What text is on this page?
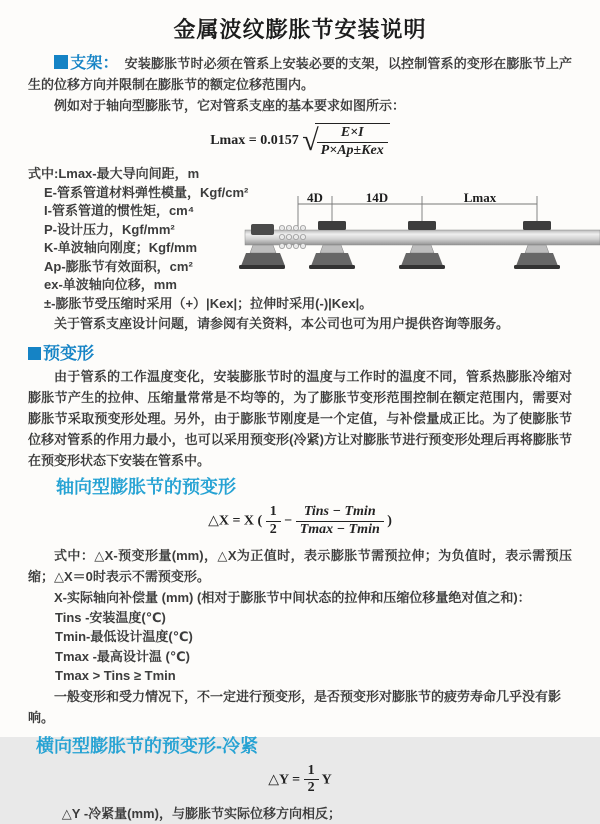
金属波纹膨胀节安装说明

支架： 安装膨胀节时必须在管系上安装必要的支架，以控制管系的变形在膨胀节上产生的位移方向并限制在膨胀节的额定位移范围内。

例如对于轴向型膨胀节，它对管系支座的基本要求如图所示：

Lmax = 0.0157 √
$\frac{E\times I}{\text{P×Ap±Kex}}$

式中:Lmax-最大导向间距，m

E-管系管道材料弹性模量，Kgf/cm²

I-管系管道的惯性矩，cm⁴

P-设计压力，Kgf/mm²

K-单波轴向刚度；Kgf/mm

Ap-膨胀节有效面积，cm²

ex-单波轴向位移，mm

±-膨胀节受压缩时采用（+）|Kex|；拉伸时采用(-)|Kex|。

关于管系支座设计问题，请参阅有关资料，本公司也可为用户提供咨询等服务。

预变形

由于管系的工作温度变化，安装膨胀节时的温度与工作时的温度不同，管系热膨胀冷缩对膨胀节产生的拉伸、压缩量常常是不均等的，为了膨胀节变形范围控制在额定范围内，需要对膨胀节采取预变形处理。另外，由于膨胀节刚度是一个定值，与补偿量成正比。为了使膨胀节位移对管系的作用力最小，也可以采用预变形(冷紧)方让对膨胀节进行预变形处理后再将膨胀节在预变形状态下安装在管系中。

轴向型膨胀节的预变形
△X = X ( $\frac{1}{2} - \frac{\text{Tins − Tmin}}{Tmax - Tmin}$ )

式中：△X-预变形量(mm)，△X为正值时，表示膨胀节需预拉伸；为负值时，表示需预压缩；△X＝0时表示不需预变形。

X-实际轴向补偿量 (mm) (相对于膨胀节中间状态的拉伸和压缩位移量绝对值之和)：

Tins -安装温度(℃)

Tmin-最低设计温度(℃)

Tmax -最高设计温 (℃)

Tmax > Tins ≥ Tmin

一般变形和受力情况下，不一定进行预变形，是否预变形对膨胀节的疲劳寿命几乎没有影响。

横向型膨胀节的预变形-冷紧
△Y = $\frac{1}{2}$ Y

△Y -冷紧量(mm)，与膨胀节实际位移方向相反；

4D	14D	Lmax
